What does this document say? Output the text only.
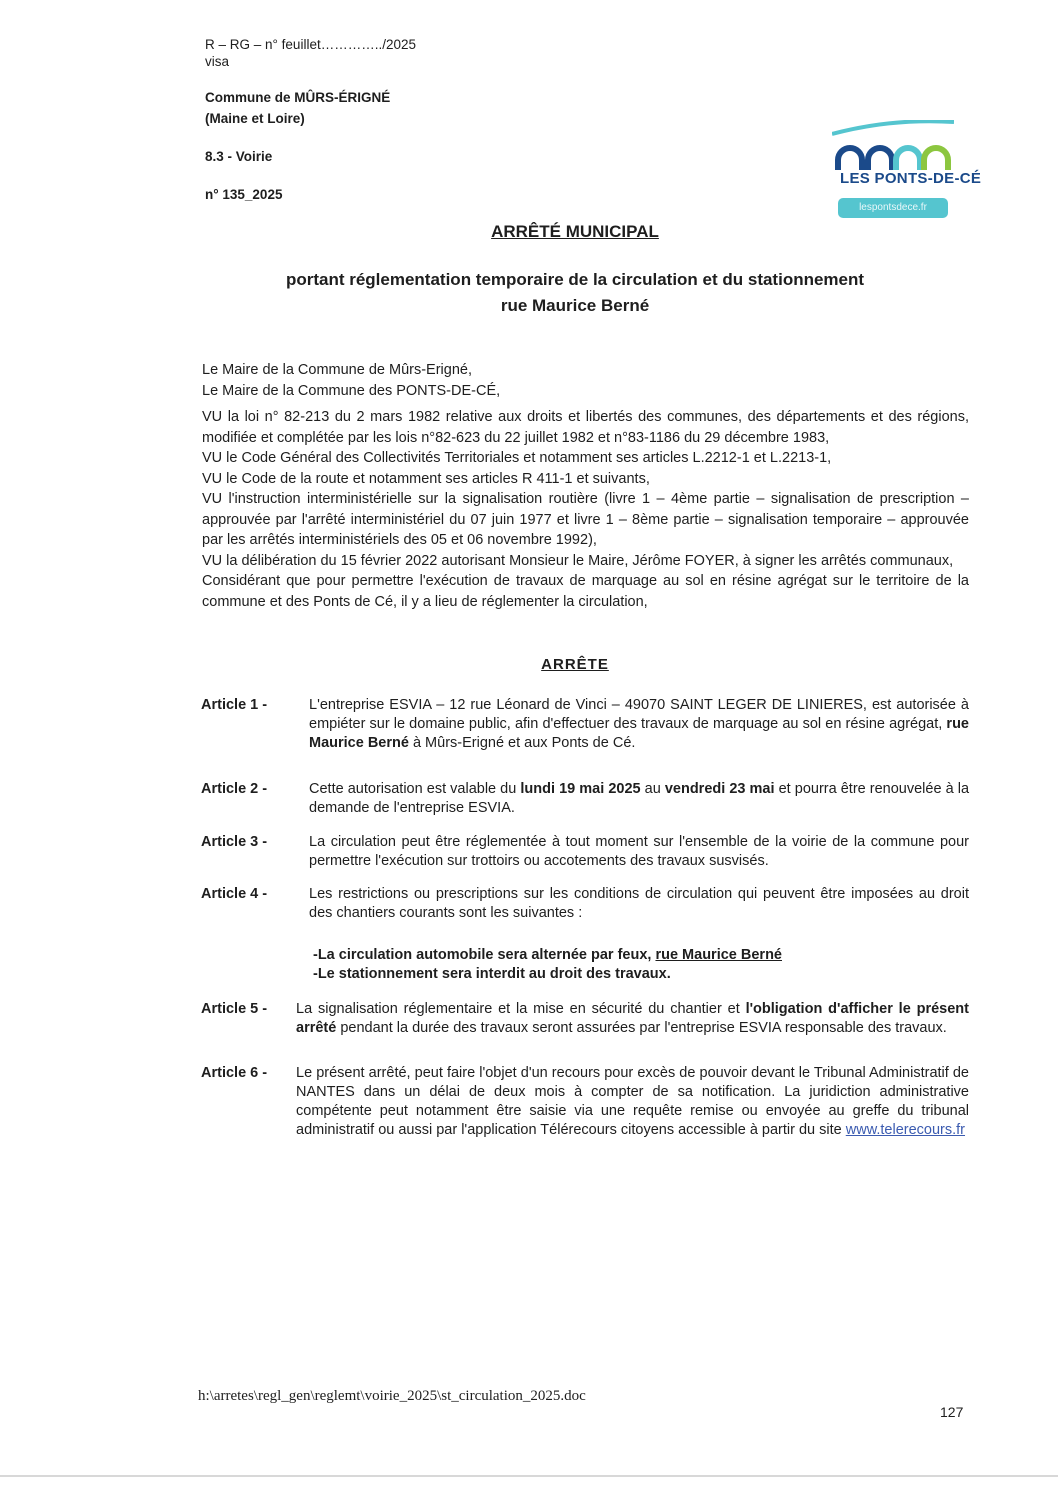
R – RG – n° feuillet…………../2025
visa
Commune de MÛRS-ÉRIGNÉ
(Maine et Loire)
8.3 - Voirie
n° 135_2025
LES PONTS-DE-CÉ
lespontsdece.fr
ARRÊTÉ MUNICIPAL
portant réglementation temporaire de la circulation et du stationnement
rue Maurice Berné

Le Maire de la Commune de Mûrs-Erigné,

Le Maire de la Commune des PONTS-DE-CÉ,

VU la loi n° 82-213 du 2 mars 1982 relative aux droits et libertés des communes, des départements et des régions, modifiée et complétée par les lois n°82-623 du 22 juillet 1982 et n°83-1186 du 29 décembre 1983,

VU le Code Général des Collectivités Territoriales et notamment ses articles L.2212-1 et L.2213-1,

VU le Code de la route et notamment ses articles R 411-1 et suivants,

VU l'instruction interministérielle sur la signalisation routière (livre 1 – 4ème partie – signalisation de prescription – approuvée par l'arrêté interministériel du 07 juin 1977 et livre 1 – 8ème partie – signalisation temporaire – approuvée par les arrêtés interministériels des 05 et 06 novembre 1992),

VU la délibération du 15 février 2022 autorisant Monsieur le Maire, Jérôme FOYER, à signer les arrêtés communaux,

Considérant que pour permettre l'exécution de travaux de marquage au sol en résine agrégat sur le territoire de la commune et des Ponts de Cé, il y a lieu de réglementer la circulation,

ARRÊTE
Article 1 -	L'entreprise ESVIA – 12 rue Léonard de Vinci – 49070 SAINT LEGER DE LINIERES, est autorisée à empiéter sur le domaine public, afin d'effectuer des travaux de marquage au sol en résine agrégat, rue Maurice Berné à Mûrs-Erigné et aux Ponts de Cé.
Article 2 -	Cette autorisation est valable du lundi 19 mai 2025 au vendredi 23 mai et pourra être renouvelée à la demande de l'entreprise ESVIA.
Article 3 -	La circulation peut être réglementée à tout moment sur l'ensemble de la voirie de la commune pour permettre l'exécution sur trottoirs ou accotements des travaux susvisés.
Article 4 -	Les restrictions ou prescriptions sur les conditions de circulation qui peuvent être imposées au droit des chantiers courants sont les suivantes :
-La circulation automobile sera alternée par feux, rue Maurice Berné
-Le stationnement sera interdit au droit des travaux.
Article 5 - La signalisation réglementaire et la mise en sécurité du chantier et l'obligation d'afficher le présent arrêté pendant la durée des travaux seront assurées par l'entreprise ESVIA responsable des travaux.
Article 6 - Le présent arrêté, peut faire l'objet d'un recours pour excès de pouvoir devant le Tribunal Administratif de NANTES dans un délai de deux mois à compter de sa notification. La juridiction administrative compétente peut notamment être saisie via une requête remise ou envoyée au greffe du tribunal administratif ou aussi par l'application Télérecours citoyens accessible à partir du site www.telerecours.fr
h:\arretes\regl_gen\reglemt\voirie_2025\st_circulation_2025.doc
127
